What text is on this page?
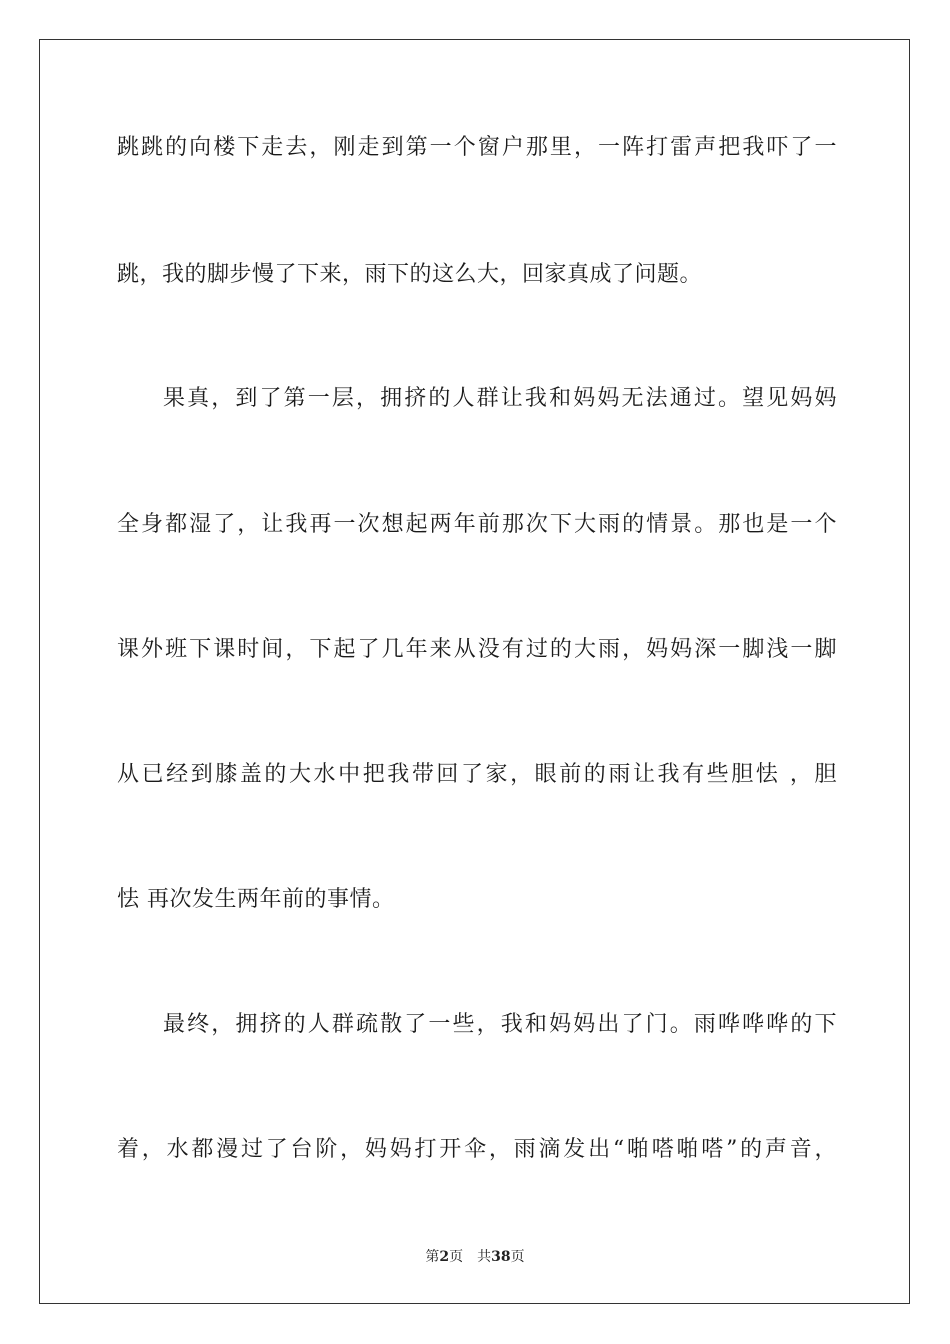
跳跳的向楼下走去，刚走到第一个窗户那里，一阵打雷声把我吓了一
跳，我的脚步慢了下来，雨下的这么大，回家真成了问题。
果真，到了第一层，拥挤的人群让我和妈妈无法通过。望见妈妈
全身都湿了，让我再一次想起两年前那次下大雨的情景。那也是一个
课外班下课时间，下起了几年来从没有过的大雨，妈妈深一脚浅一脚
从已经到膝盖的大水中把我带回了家，眼前的雨让我有些胆怯 ，胆
怯 再次发生两年前的事情。
最终，拥挤的人群疏散了一些，我和妈妈出了门。雨哗哗哗的下
着，水都漫过了台阶，妈妈打开伞，雨滴发出“啪嗒啪嗒”的声音，
第2页 共38页
